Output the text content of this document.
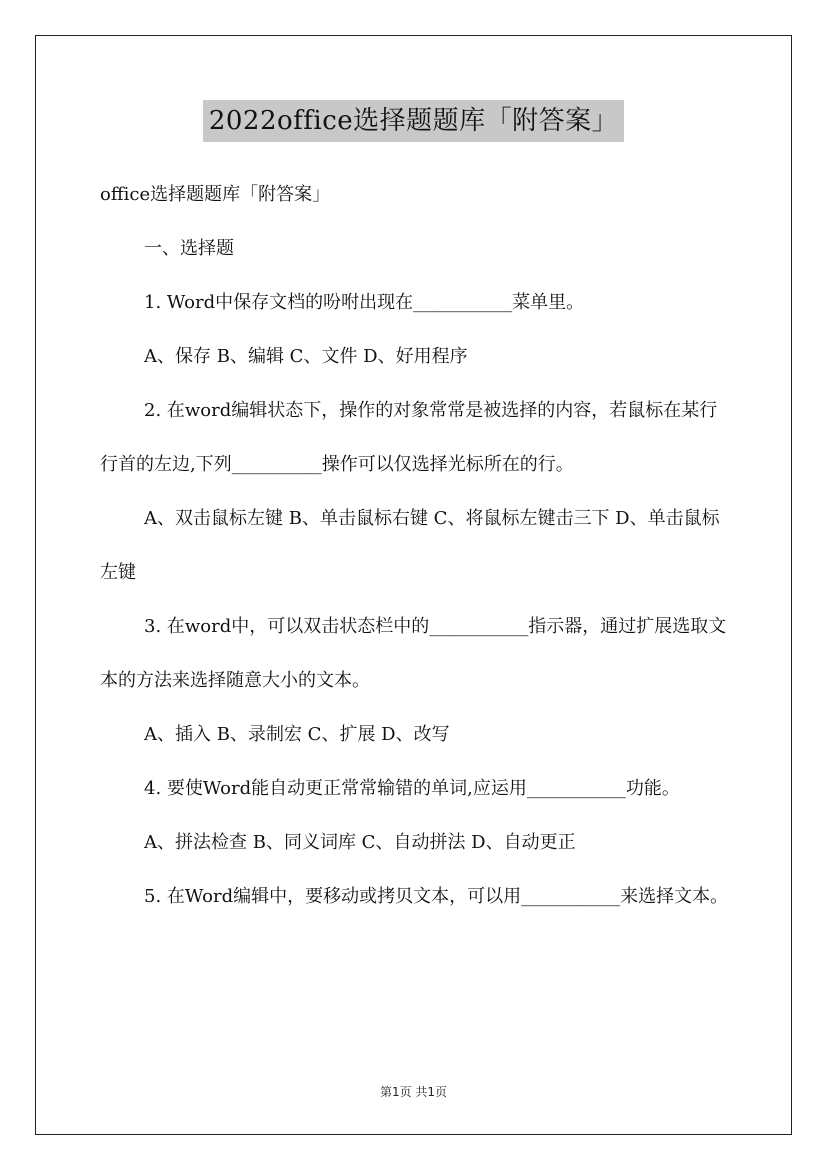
2022office选择题题库「附答案」

office选择题题库「附答案」

一、选择题

1. Word中保存文档的吩咐出现在___________菜单里。

A、保存 B、编辑 C、文件 D、好用程序

2. 在word编辑状态下，操作的对象常常是被选择的内容，若鼠标在某行行首的左边,下列__________操作可以仅选择光标所在的行。

A、双击鼠标左键 B、单击鼠标右键 C、将鼠标左键击三下 D、单击鼠标左键

3. 在word中，可以双击状态栏中的___________指示器，通过扩展选取文本的方法来选择随意大小的文本。

A、插入 B、录制宏 C、扩展 D、改写

4. 要使Word能自动更正常常输错的单词,应运用___________功能。

A、拼法检查 B、同义词库 C、自动拼法 D、自动更正

5. 在Word编辑中，要移动或拷贝文本，可以用___________来选择文本。

第1页 共1页
